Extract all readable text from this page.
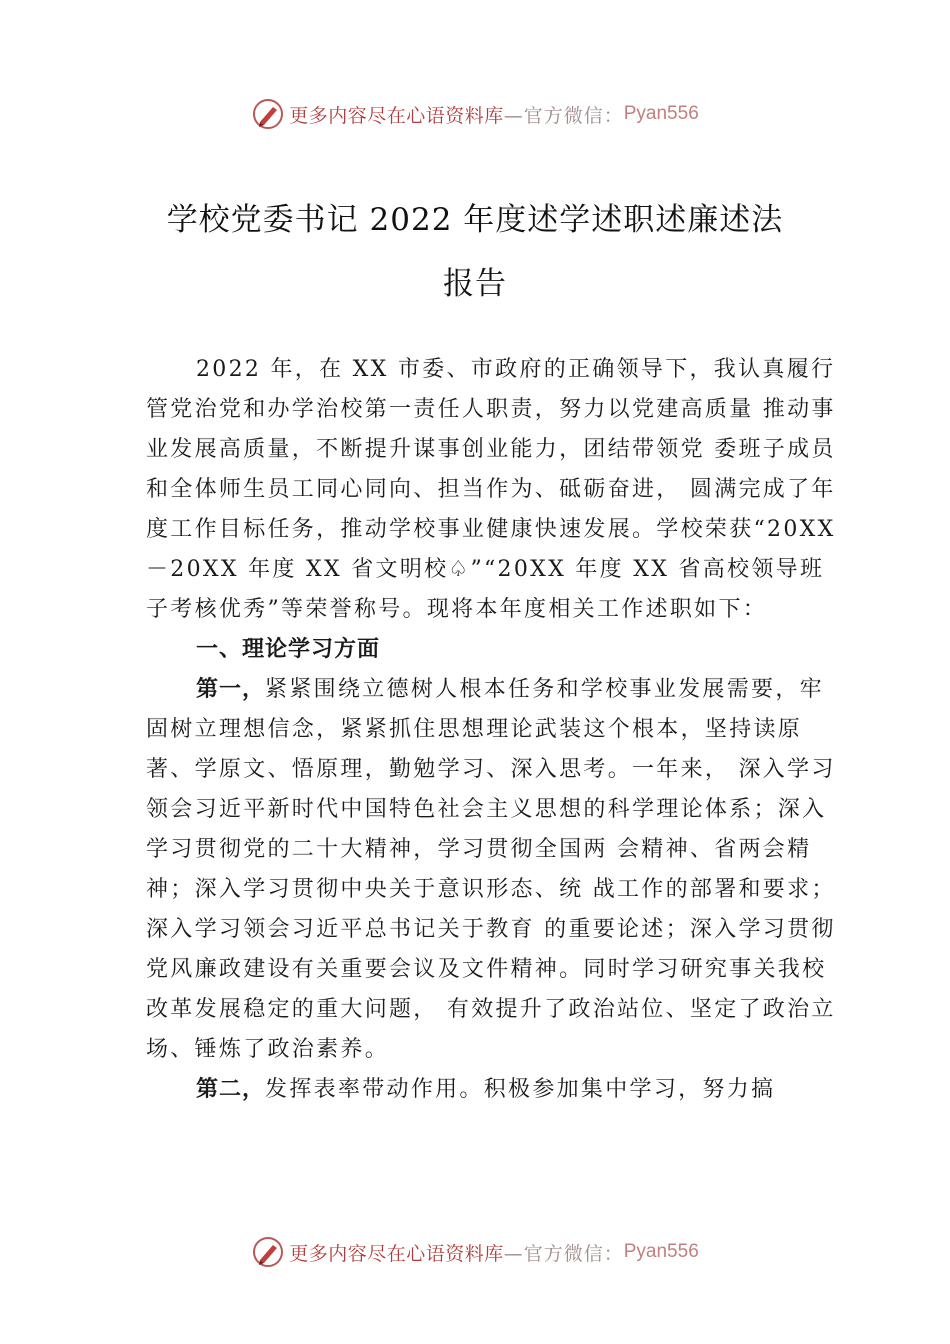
更多内容尽在心语资料库 —官方微信： Pyan556
学校党委书记 2022 年度述学述职述廉述法
报告

2022 年，在 XX 市委、市政府的正确领导下，我认真履行管党治党和办学治校第一责任人职责，努力以党建高质量 推动事业发展高质量，不断提升谋事创业能力，团结带领党 委班子成员和全体师生员工同心同向、担当作为、砥砺奋进， 圆满完成了年度工作目标任务，推动学校事业健康快速发展。学校荣获“20XX－20XX 年度 XX 省文明校♤”“20XX 年度 XX 省高校领导班子考核优秀”等荣誉称号。现将本年度相关工作述职如下：

一、理论学习方面

第一，紧紧围绕立德树人根本任务和学校事业发展需要，牢固树立理想信念，紧紧抓住思想理论武装这个根本，坚持读原著、学原文、悟原理，勤勉学习、深入思考。一年来， 深入学习领会习近平新时代中国特色社会主义思想的科学理论体系；深入学习贯彻党的二十大精神，学习贯彻全国两 会精神、省两会精神；深入学习贯彻中央关于意识形态、统 战工作的部署和要求；深入学习领会习近平总书记关于教育 的重要论述；深入学习贯彻党风廉政建设有关重要会议及文件精神。同时学习研究事关我校改革发展稳定的重大问题， 有效提升了政治站位、坚定了政治立场、锤炼了政治素养。

第二，发挥表率带动作用。积极参加集中学习，努力搞

更多内容尽在心语资料库 —官方微信： Pyan556
